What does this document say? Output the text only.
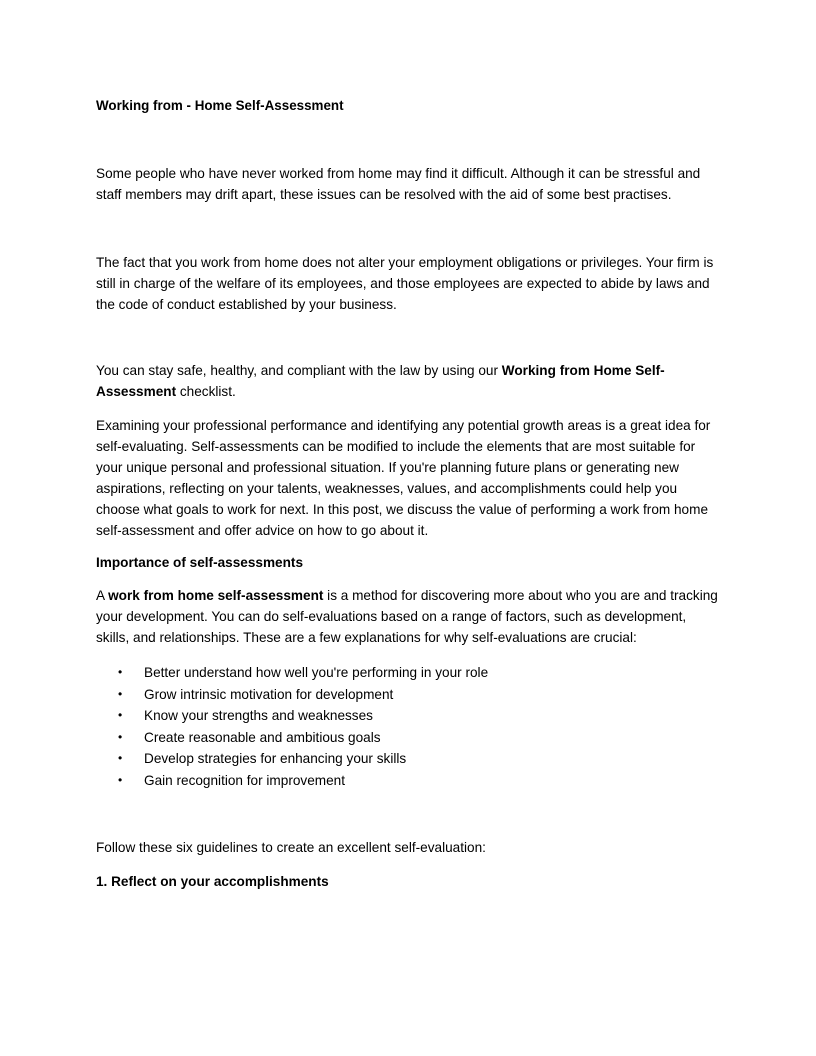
Working from - Home Self-Assessment
Some people who have never worked from home may find it difficult. Although it can be stressful and staff members may drift apart, these issues can be resolved with the aid of some best practises.
The fact that you work from home does not alter your employment obligations or privileges. Your firm is still in charge of the welfare of its employees, and those employees are expected to abide by laws and the code of conduct established by your business.
You can stay safe, healthy, and compliant with the law by using our Working from Home Self-Assessment checklist.
Examining your professional performance and identifying any potential growth areas is a great idea for self-evaluating. Self-assessments can be modified to include the elements that are most suitable for your unique personal and professional situation. If you're planning future plans or generating new aspirations, reflecting on your talents, weaknesses, values, and accomplishments could help you choose what goals to work for next. In this post, we discuss the value of performing a work from home self-assessment and offer advice on how to go about it.
Importance of self-assessments
A work from home self-assessment is a method for discovering more about who you are and tracking your development. You can do self-evaluations based on a range of factors, such as development, skills, and relationships. These are a few explanations for why self-evaluations are crucial:
• Better understand how well you're performing in your role
• Grow intrinsic motivation for development
• Know your strengths and weaknesses
• Create reasonable and ambitious goals
• Develop strategies for enhancing your skills
• Gain recognition for improvement
Follow these six guidelines to create an excellent self-evaluation:
1. Reflect on your accomplishments
